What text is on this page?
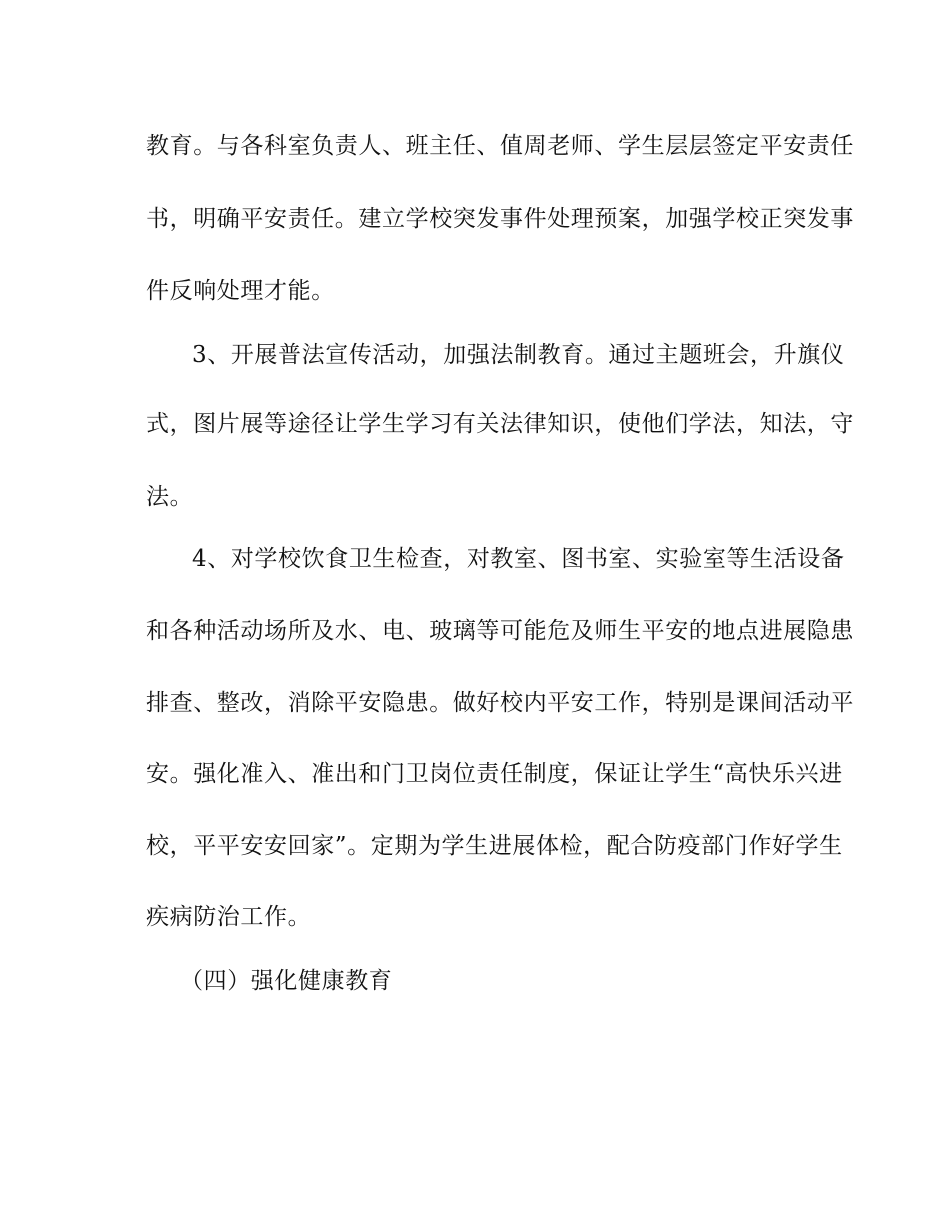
教育。与各科室负责人、班主任、值周老师、学生层层签定平安责任
书，明确平安责任。建立学校突发事件处理预案，加强学校正突发事
件反响处理才能。
3、开展普法宣传活动，加强法制教育。通过主题班会，升旗仪
式，图片展等途径让学生学习有关法律知识，使他们学法，知法，守
法。
4、对学校饮食卫生检查，对教室、图书室、实验室等生活设备
和各种活动场所及水、电、玻璃等可能危及师生平安的地点进展隐患
排查、整改，消除平安隐患。做好校内平安工作，特别是课间活动平
安。强化准入、准出和门卫岗位责任制度，保证让学生“高快乐兴进
校，平平安安回家”。定期为学生进展体检，配合防疫部门作好学生
疾病防治工作。
（四）强化健康教育
